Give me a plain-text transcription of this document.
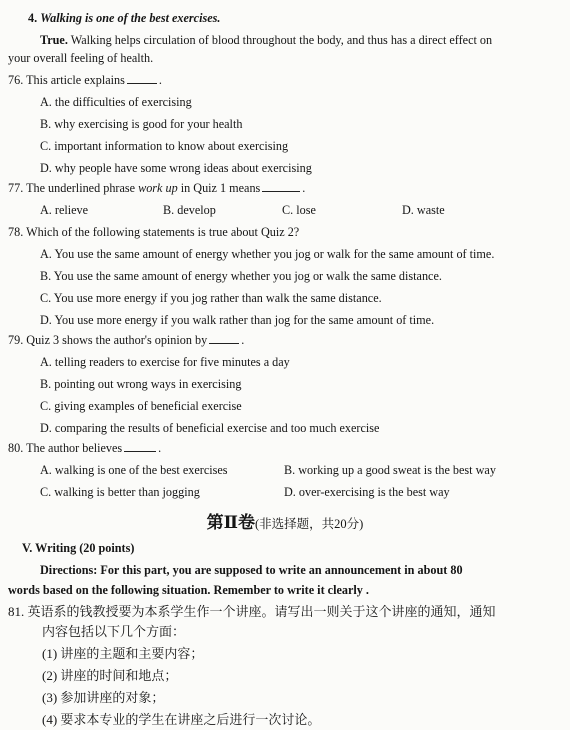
4. Walking is one of the best exercises.
True. Walking helps circulation of blood throughout the body, and thus has a direct effect on
your overall feeling of health.
76. This article explains	.
A. the difficulties of exercising
B. why exercising is good for your health
C. important information to know about exercising
D. why people have some wrong ideas about exercising
77. The underlined phrase work up in Quiz 1 means	.
A. relieve	B. develop	C. lose	D. waste
78. Which of the following statements is true about Quiz 2?
A. You use the same amount of energy whether you jog or walk for the same amount of time.
B. You use the same amount of energy whether you jog or walk the same distance.
C. You use more energy if you jog rather than walk the same distance.
D. You use more energy if you walk rather than jog for the same amount of time.
79. Quiz 3 shows the author's opinion by	.
A. telling readers to exercise for five minutes a day
B. pointing out wrong ways in exercising
C. giving examples of beneficial exercise
D. comparing the results of beneficial exercise and too much exercise
80. The author believes	.
A. walking is one of the best exercises	B. working up a good sweat is the best way
C. walking is better than jogging	D. over-exercising is the best way
第Ⅱ卷(非选择题，共20分)
V. Writing (20 points)
Directions: For this part, you are supposed to write an announcement in about 80
words based on the following situation. Remember to write it clearly .
81. 英语系的钱教授要为本系学生作一个讲座。请写出一则关于这个讲座的通知，通知
内容包括以下几个方面：
(1) 讲座的主题和主要内容；
(2) 讲座的时间和地点；
(3) 参加讲座的对象；
(4) 要求本专业的学生在讲座之后进行一次讨论。
